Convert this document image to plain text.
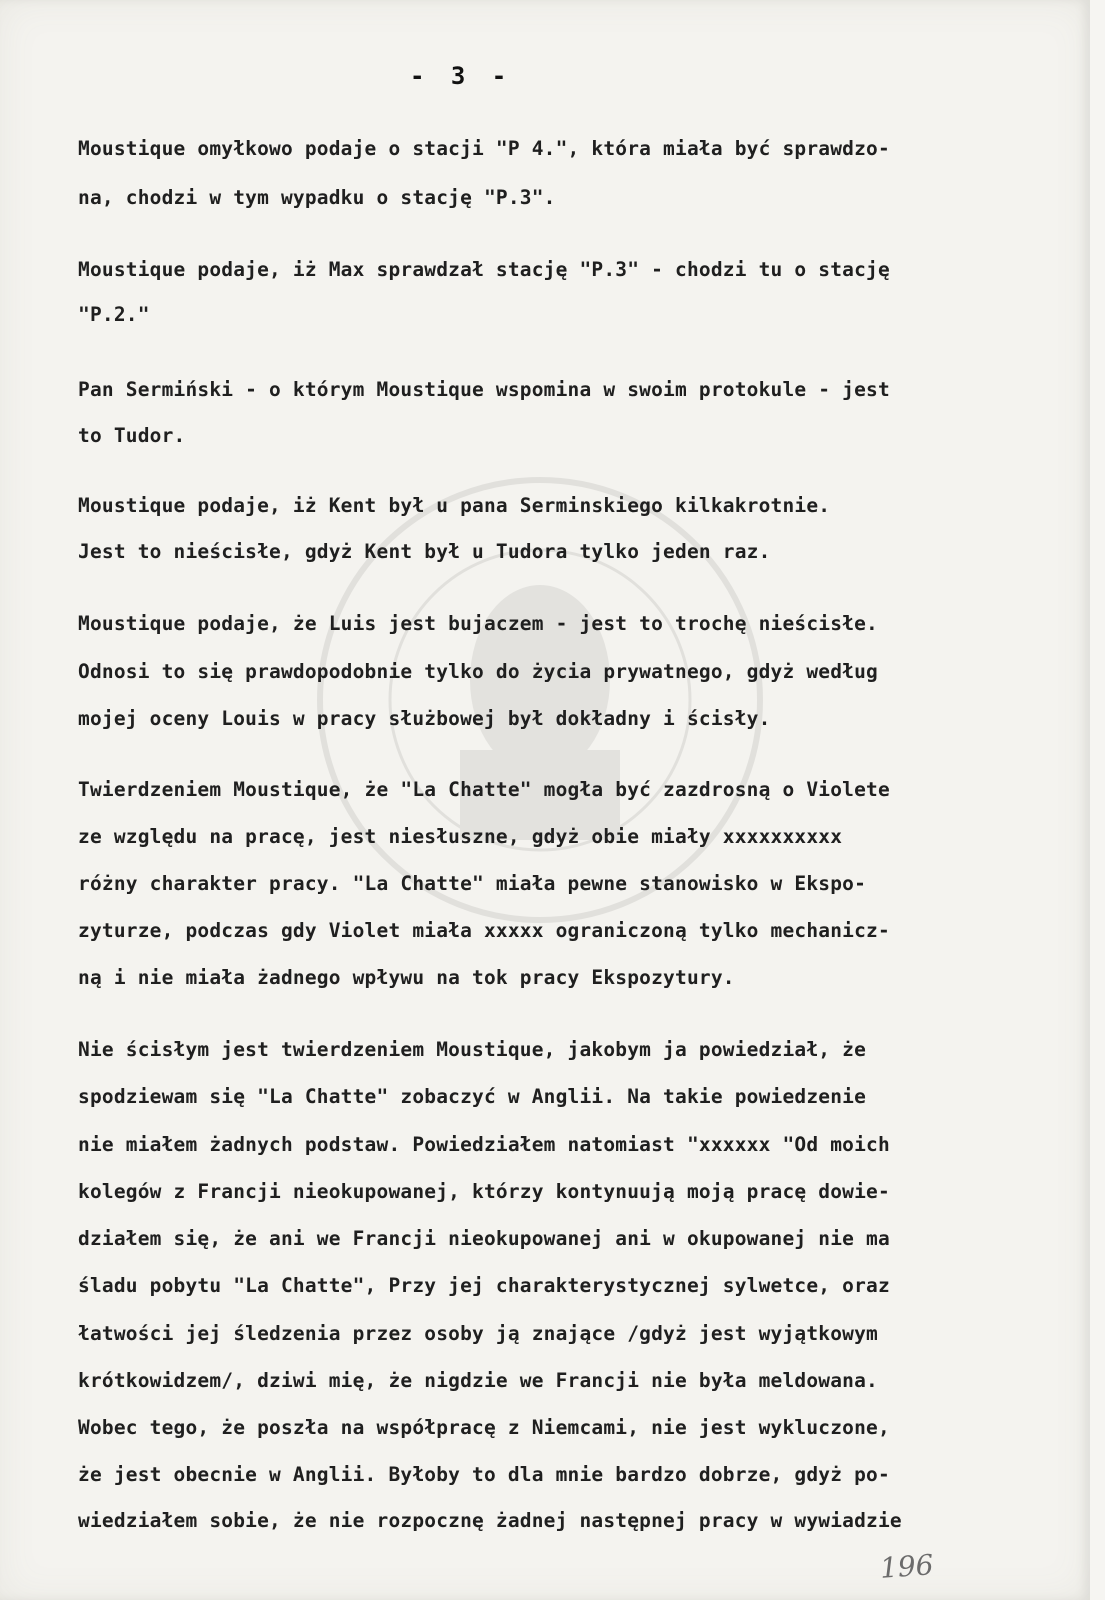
- 3 -
Moustique omyłkowo podaje o stacji "P 4.", która miała być sprawdzo-
na, chodzi w tym wypadku o stację "P.3".
Moustique podaje, iż Max sprawdzał stację "P.3" - chodzi tu o stację
"P.2."
Pan Sermiński - o którym Moustique wspomina w swoim protokule - jest
to Tudor.
Moustique podaje, iż Kent był u pana Serminskiego kilkakrotnie.
Jest to nieścisłe, gdyż Kent był u Tudora tylko jeden raz.
Moustique podaje, że Luis jest bujaczem - jest to trochę nieścisłe.
Odnosi to się prawdopodobnie tylko do życia prywatnego, gdyż według
mojej oceny Louis w pracy służbowej był dokładny i ścisły.
Twierdzeniem Moustique, że "La Chatte" mogła być zazdrosną o Violete
ze względu na pracę, jest niesłuszne, gdyż obie miały xxxxxxxxxx
różny charakter pracy. "La Chatte" miała pewne stanowisko w Ekspo-
zyturze, podczas gdy Violet miała xxxxx ograniczoną tylko mechanicz-
ną i nie miała żadnego wpływu na tok pracy Ekspozytury.
Nie ścisłym jest twierdzeniem Moustique, jakobym ja powiedział, że
spodziewam się "La Chatte" zobaczyć w Anglii. Na takie powiedzenie
nie miałem żadnych podstaw. Powiedziałem natomiast "xxxxxx "Od moich
kolegów z Francji nieokupowanej, którzy kontynuują moją pracę dowie-
działem się, że ani we Francji nieokupowanej ani w okupowanej nie ma
śladu pobytu "La Chatte", Przy jej charakterystycznej sylwetce, oraz
łatwości jej śledzenia przez osoby ją znające /gdyż jest wyjątkowym
krótkowidzem/, dziwi mię, że nigdzie we Francji nie była meldowana.
Wobec tego, że poszła na współpracę z Niemcami, nie jest wykluczone,
że jest obecnie w Anglii. Byłoby to dla mnie bardzo dobrze, gdyż po-
wiedziałem sobie, że nie rozpocznę żadnej następnej pracy w wywiadzie
196
